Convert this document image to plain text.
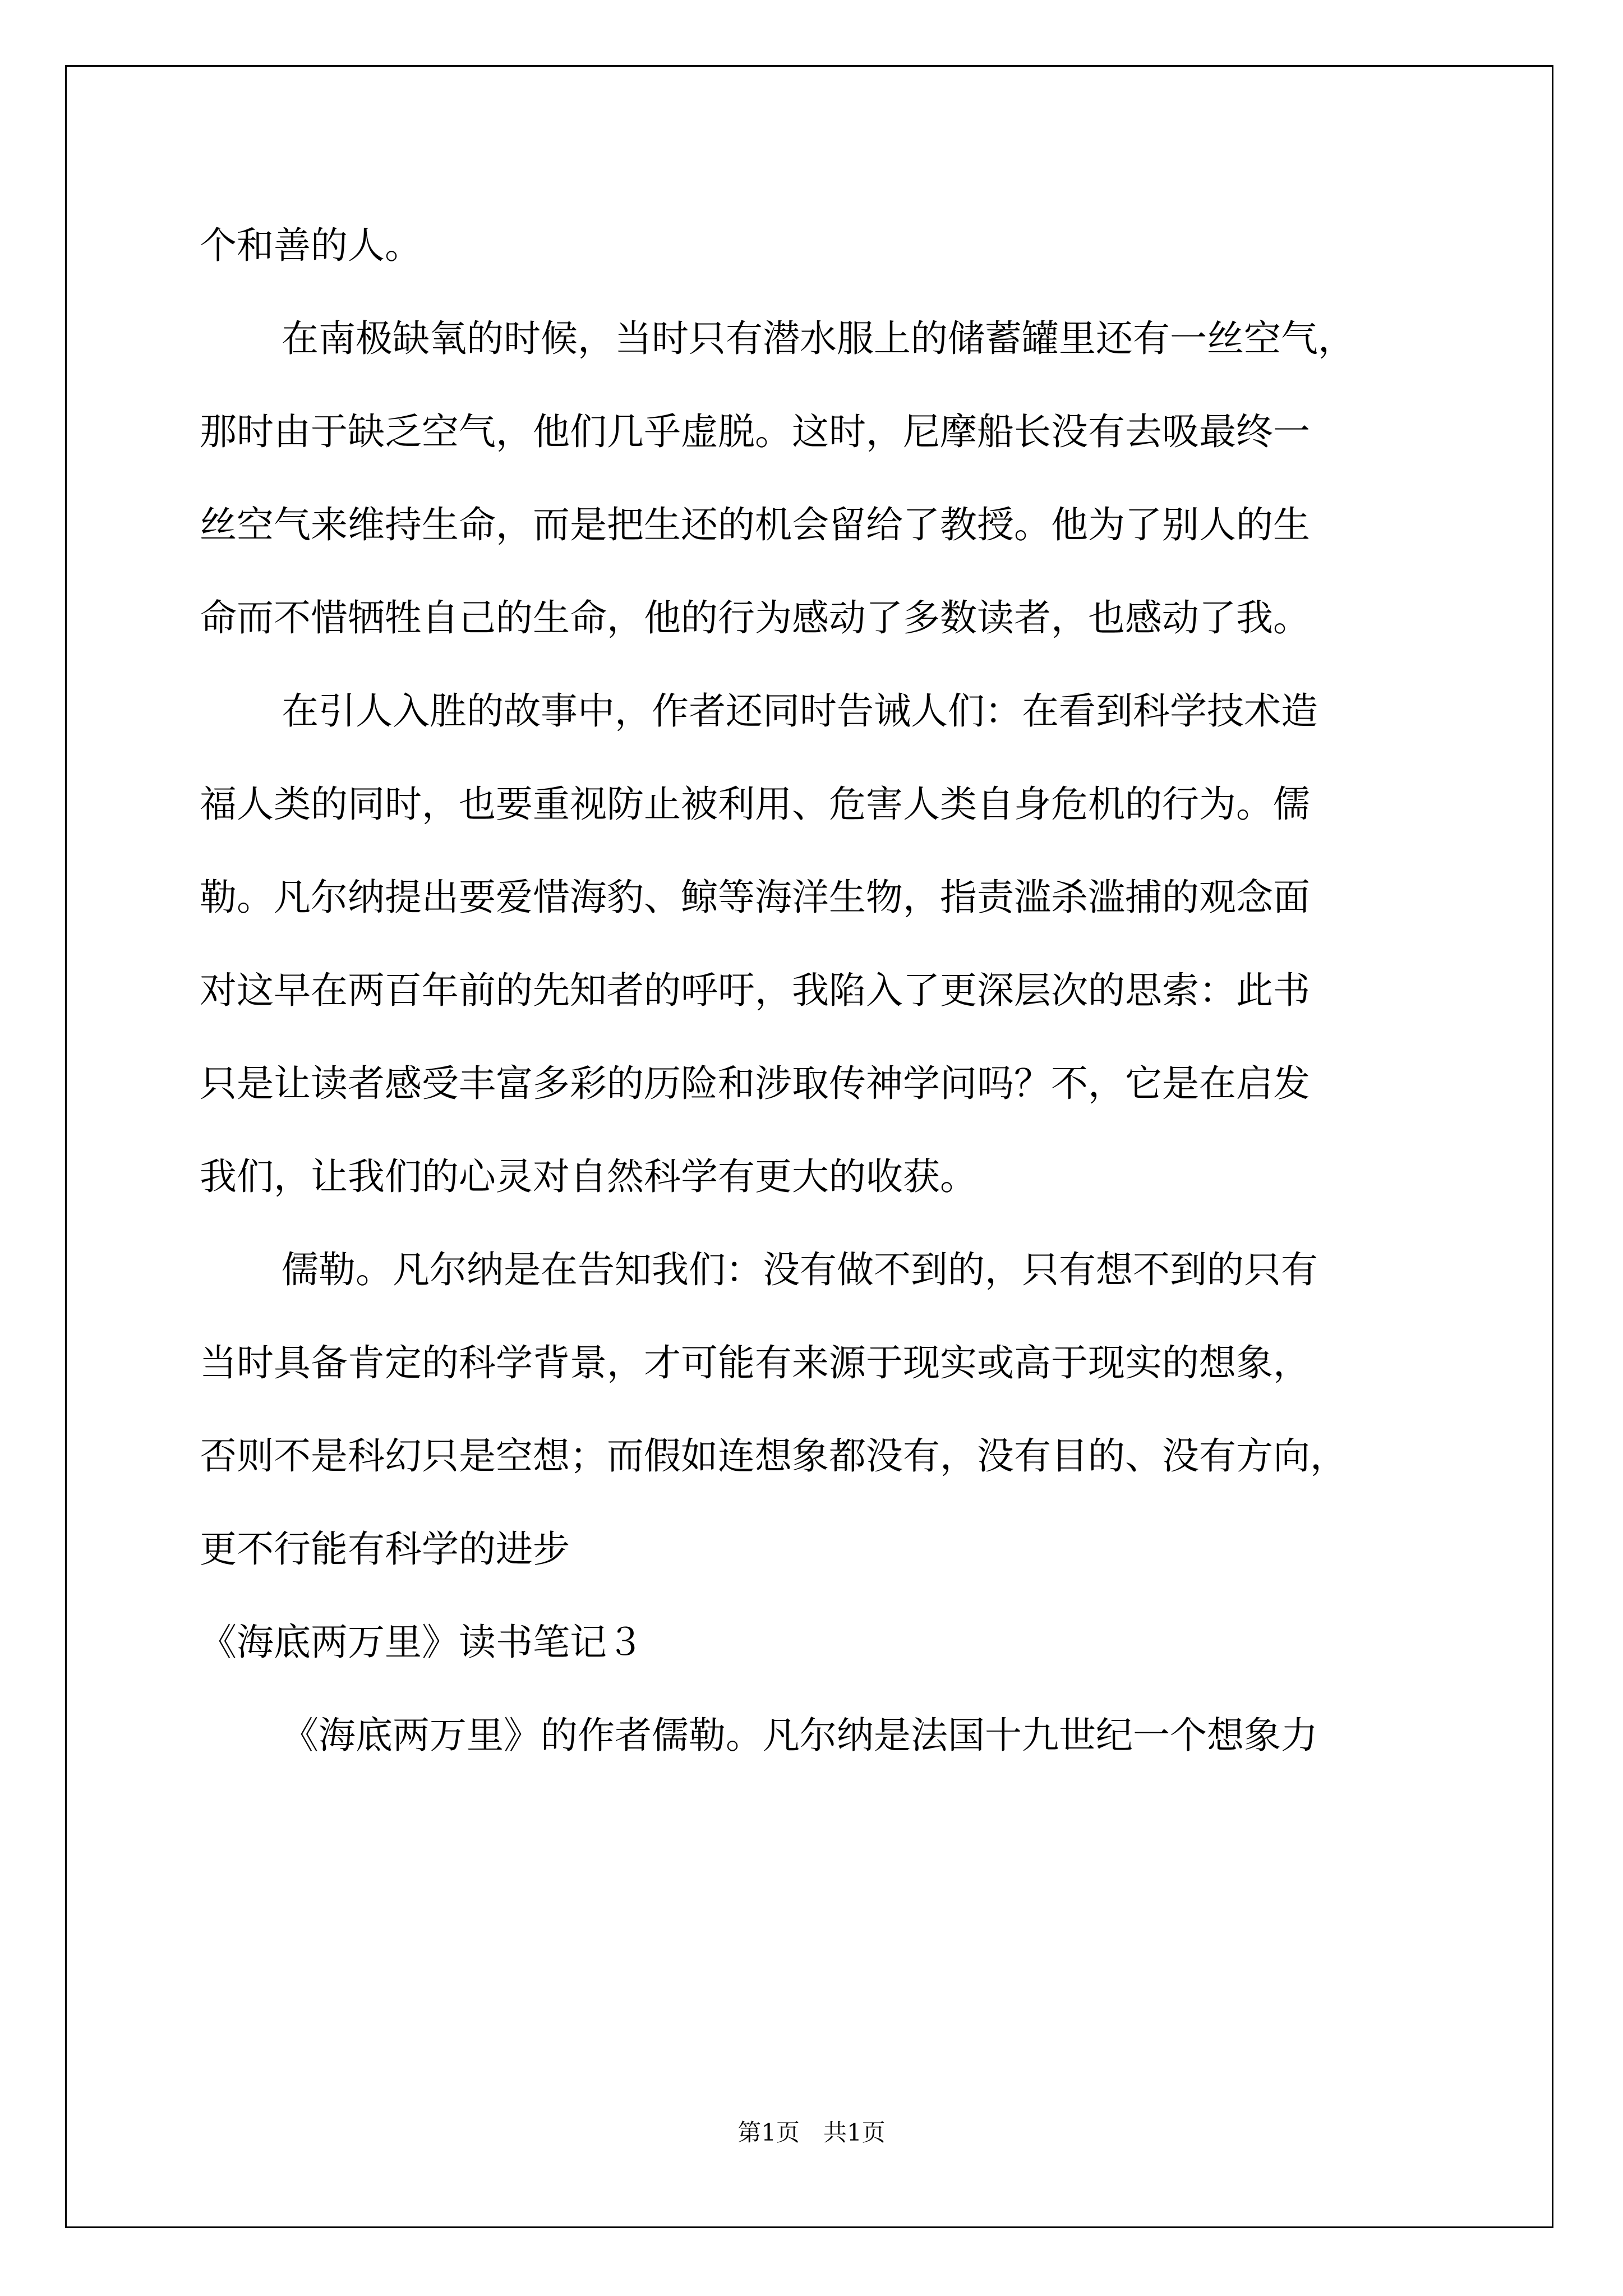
个和善的人。
在南极缺氧的时候，当时只有潜水服上的储蓄罐里还有一丝空气，
那时由于缺乏空气，他们几乎虚脱。这时，尼摩船长没有去吸最终一
丝空气来维持生命，而是把生还的机会留给了教授。他为了别人的生
命而不惜牺牲自己的生命，他的行为感动了多数读者，也感动了我。
在引人入胜的故事中，作者还同时告诫人们：在看到科学技术造
福人类的同时，也要重视防止被利用、危害人类自身危机的行为。儒
勒。凡尔纳提出要爱惜海豹、鲸等海洋生物，指责滥杀滥捕的观念面
对这早在两百年前的先知者的呼吁，我陷入了更深层次的思索：此书
只是让读者感受丰富多彩的历险和涉取传神学问吗？不，它是在启发
我们，让我们的心灵对自然科学有更大的收获。
儒勒。凡尔纳是在告知我们：没有做不到的，只有想不到的只有
当时具备肯定的科学背景，才可能有来源于现实或高于现实的想象，
否则不是科幻只是空想；而假如连想象都没有，没有目的、没有方向，
更不行能有科学的进步
《海底两万里》读书笔记３
《海底两万里》的作者儒勒。凡尔纳是法国十九世纪一个想象力
第1页　共1页
